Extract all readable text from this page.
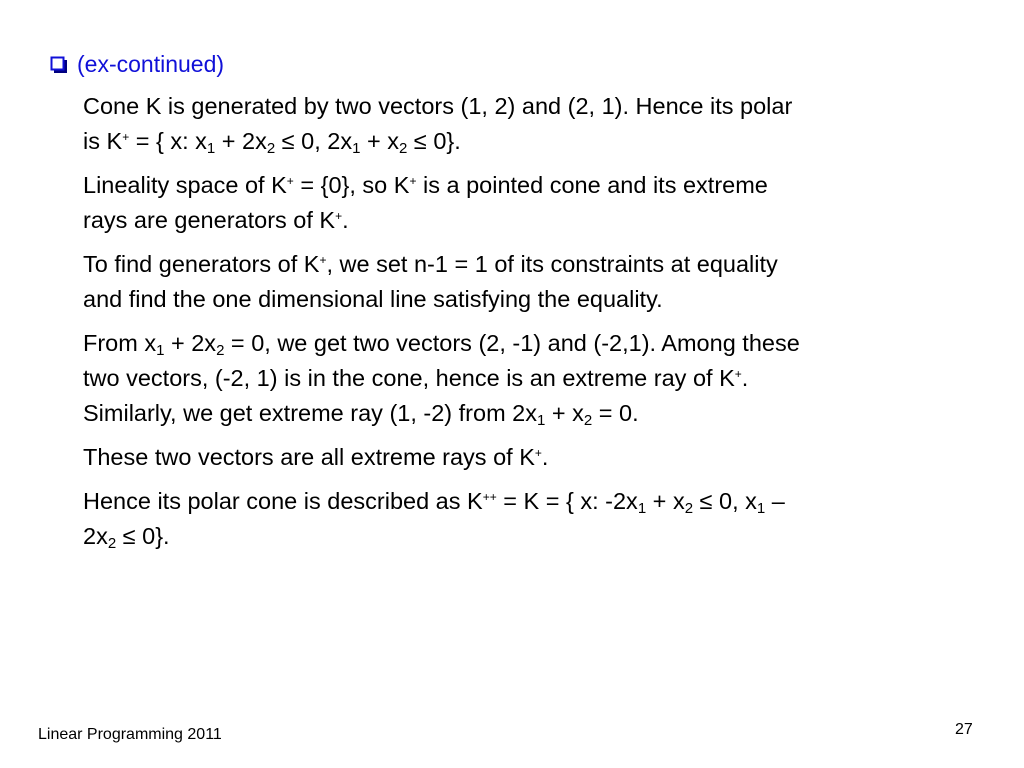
(ex-continued)
Cone K is generated by two vectors (1, 2) and (2, 1). Hence its polar
is K+ = { x: $x_1 + 2x_2 \le 0$, $2x_1 + x_2 \le 0$}.
Lineality space of K+ = {0}, so K+ is a pointed cone and its extreme
rays are generators of K+.
To find generators of K+, we set n-1 = 1 of its constraints at equality
and find the one dimensional line satisfying the equality.
From $x_1 + 2x_2 = 0$, we get two vectors (2, -1) and (-2,1). Among these
two vectors, (-2, 1) is in the cone, hence is an extreme ray of K+.
Similarly, we get extreme ray (1, -2) from $2x_1 + x_2 = 0$.
These two vectors are all extreme rays of K+.
Hence its polar cone is described as K++ = K = { x: $-2x_1 + x_2 \le 0$, $x_1$ –
$2x_2 \le 0$}.
Linear Programming 2011	27
